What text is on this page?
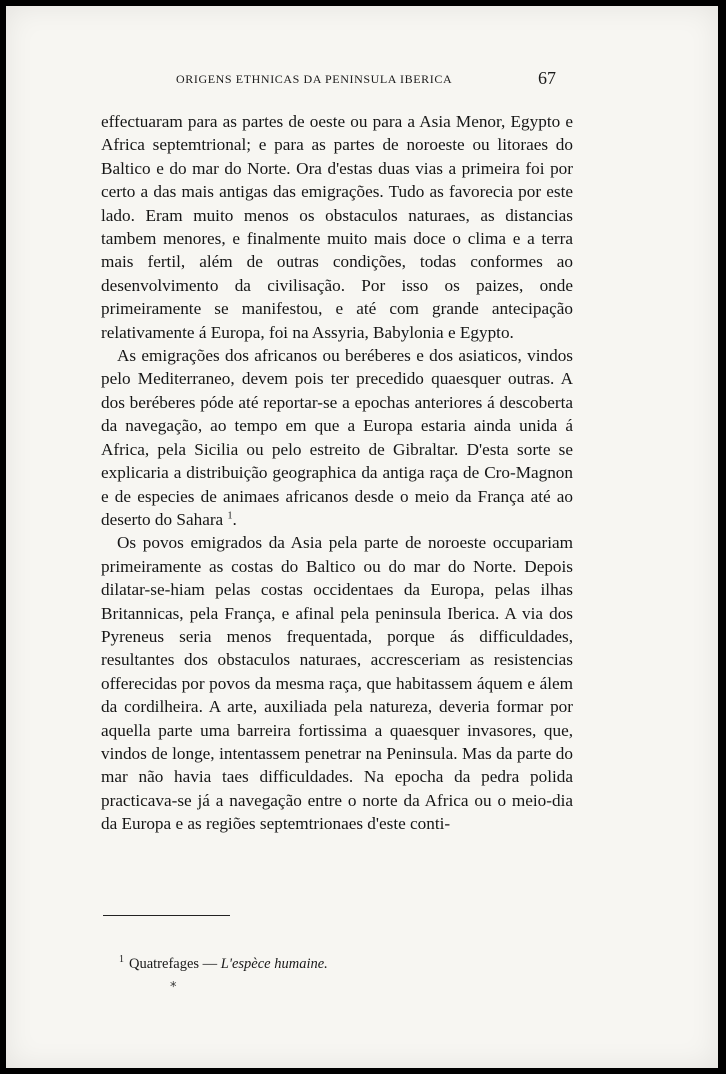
ORIGENS ETHNICAS DA PENINSULA IBERICA	67

effectuaram para as partes de oeste ou para a Asia Menor, Egypto e Africa septemtrional; e para as partes de noroeste ou litoraes do Baltico e do mar do Norte. Ora d'estas duas vias a primeira foi por certo a das mais antigas das emigrações. Tudo as favorecia por este lado. Eram muito menos os obstaculos naturaes, as distancias tambem menores, e finalmente muito mais doce o clima e a terra mais fertil, além de outras condições, todas conformes ao desenvolvimento da civilisação. Por isso os paizes, onde primeiramente se manifestou, e até com grande antecipação relativamente á Europa, foi na Assyria, Babylonia e Egypto.

As emigrações dos africanos ou beréberes e dos asiaticos, vindos pelo Mediterraneo, devem pois ter precedido quaesquer outras. A dos beréberes póde até reportar-se a epochas anteriores á descoberta da navegação, ao tempo em que a Europa estaria ainda unida á Africa, pela Sicilia ou pelo estreito de Gibraltar. D'esta sorte se explicaria a distribuição geographica da antiga raça de Cro-Magnon e de especies de animaes africanos desde o meio da França até ao deserto do Sahara $^1$.

Os povos emigrados da Asia pela parte de noroeste occupariam primeiramente as costas do Baltico ou do mar do Norte. Depois dilatar-se-hiam pelas costas occidentaes da Europa, pelas ilhas Britannicas, pela França, e afinal pela peninsula Iberica. A via dos Pyreneus seria menos frequentada, porque ás difficuldades, resultantes dos obstaculos naturaes, accresceriam as resistencias offerecidas por povos da mesma raça, que habitassem áquem e álem da cordilheira. A arte, auxiliada pela natureza, deveria formar por aquella parte uma barreira fortissima a quaesquer invasores, que, vindos de longe, intentassem penetrar na Peninsula. Mas da parte do mar não havia taes difficuldades. Na epocha da pedra polida practicava-se já a navegação entre o norte da Africa ou o meio-dia da Europa e as regiões septemtrionaes d'este conti-

$^1$ Quatrefages — L'espèce humaine.
*
